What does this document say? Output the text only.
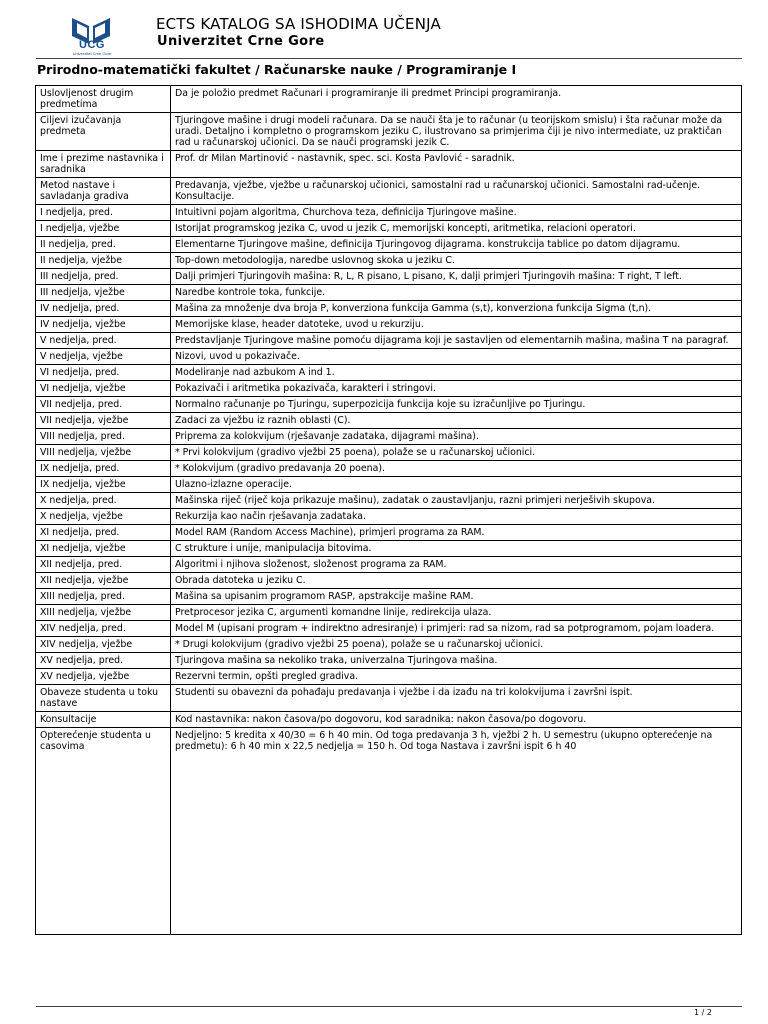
UCG
Univerzitet Crne Gore
ECTS KATALOG SA ISHODIMA UČENJA
Univerzitet Crne Gore
Prirodno-matematički fakultet / Računarske nauke / Programiranje I
Uslovljenost drugim predmetima	Da je položio predmet Računari i programiranje ili predmet Principi programiranja.
Ciljevi izučavanja predmeta	Tjuringove mašine i drugi modeli računara. Da se nauči šta je to računar (u teorijskom smislu) i šta računar može da uradi. Detaljno i kompletno o programskom jeziku C, ilustrovano sa primjerima čiji je nivo intermediate, uz praktičan rad u računarskoj učionici. Da se nauči programski jezik C.
Ime i prezime nastavnika i saradnika	Prof. dr Milan Martinović - nastavnik, spec. sci. Kosta Pavlović - saradnik.
Metod nastave i savladanja gradiva	Predavanja, vježbe, vježbe u računarskoj učionici, samostalni rad u računarskoj učionici. Samostalni rad-učenje. Konsultacije.
I nedjelja, pred.	Intuitivni pojam algoritma, Churchova teza, definicija Tjuringove mašine.
I nedjelja, vježbe	Istorijat programskog jezika C, uvod u jezik C, memorijski koncepti, aritmetika, relacioni operatori.
II nedjelja, pred.	Elementarne Tjuringove mašine, definicija Tjuringovog dijagrama. konstrukcija tablice po datom dijagramu.
II nedjelja, vježbe	Top-down metodologija, naredbe uslovnog skoka u jeziku C.
III nedjelja, pred.	Dalji primjeri Tjuringovih mašina: R, L, R pisano, L pisano, K, dalji primjeri Tjuringovih mašina: T right, T left.
III nedjelja, vježbe	Naredbe kontrole toka, funkcije.
IV nedjelja, pred.	Mašina za množenje dva broja P, konverziona funkcija Gamma (s,t), konverziona funkcija Sigma (t,n).
IV nedjelja, vježbe	Memorijske klase, header datoteke, uvod u rekurziju.
V nedjelja, pred.	Predstavljanje Tjuringove mašine pomoću dijagrama koji je sastavljen od elementarnih mašina, mašina T na paragraf.
V nedjelja, vježbe	Nizovi, uvod u pokazivače.
VI nedjelja, pred.	Modeliranje nad azbukom A ind 1.
VI nedjelja, vježbe	Pokazivači i aritmetika pokazivača, karakteri i stringovi.
VII nedjelja, pred.	Normalno računanje po Tjuringu, superpozicija funkcija koje su izračunljive po Tjuringu.
VII nedjelja, vježbe	Zadaci za vježbu iz raznih oblasti (C).
VIII nedjelja, pred.	Priprema za kolokvijum (rješavanje zadataka, dijagrami mašina).
VIII nedjelja, vježbe	* Prvi kolokvijum (gradivo vježbi 25 poena), polaže se u računarskoj učionici.
IX nedjelja, pred.	* Kolokvijum (gradivo predavanja 20 poena).
IX nedjelja, vježbe	Ulazno-izlazne operacije.
X nedjelja, pred.	Mašinska riječ (riječ koja prikazuje mašinu), zadatak o zaustavljanju, razni primjeri nerješivih skupova.
X nedjelja, vježbe	Rekurzija kao način rješavanja zadataka.
XI nedjelja, pred.	Model RAM (Random Access Machine), primjeri programa za RAM.
XI nedjelja, vježbe	C strukture i unije, manipulacija bitovima.
XII nedjelja, pred.	Algoritmi i njihova složenost, složenost programa za RAM.
XII nedjelja, vježbe	Obrada datoteka u jeziku C.
XIII nedjelja, pred.	Mašina sa upisanim programom RASP, apstrakcije mašine RAM.
XIII nedjelja, vježbe	Pretprocesor jezika C, argumenti komandne linije, redirekcija ulaza.
XIV nedjelja, pred.	Model M (upisani program + indirektno adresiranje) i primjeri: rad sa nizom, rad sa potprogramom, pojam loadera.
XIV nedjelja, vježbe	* Drugi kolokvijum (gradivo vježbi 25 poena), polaže se u računarskoj učionici.
XV nedjelja, pred.	Tjuringova mašina sa nekoliko traka, univerzalna Tjuringova mašina.
XV nedjelja, vježbe	Rezervni termin, opšti pregled gradiva.
Obaveze studenta u toku nastave	Studenti su obavezni da pohađaju predavanja i vježbe i da izađu na tri kolokvijuma i završni ispit.
Konsultacije	Kod nastavnika: nakon časova/po dogovoru, kod saradnika: nakon časova/po dogovoru.
Opterećenje studenta u casovima	Nedjeljno: 5 kredita x 40/30 = 6 h 40 min. Od toga predavanja 3 h, vježbi 2 h. U semestru (ukupno opterećenje na predmetu): 6 h 40 min x 22,5 nedjelja = 150 h. Od toga Nastava i završni ispit 6 h 40
1 / 2
